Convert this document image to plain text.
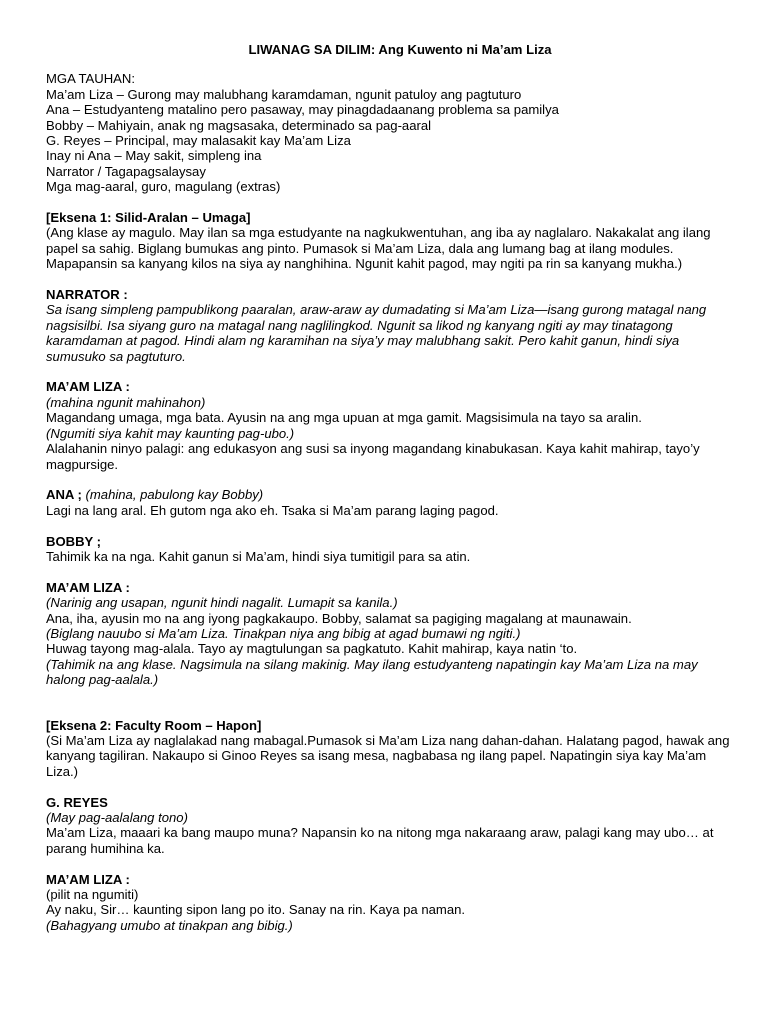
LIWANAG SA DILIM: Ang Kuwento ni Ma’am Liza
MGA TAUHAN:
Ma’am Liza – Gurong may malubhang karamdaman, ngunit patuloy ang pagtuturo
Ana – Estudyanteng matalino pero pasaway, may pinagdadaanang problema sa pamilya
Bobby – Mahiyain, anak ng magsasaka, determinado sa pag-aaral
G. Reyes – Principal, may malasakit kay Ma’am Liza
Inay ni Ana – May sakit, simpleng ina
Narrator / Tagapagsalaysay
Mga mag-aaral, guro, magulang (extras)
[Eksena 1: Silid-Aralan – Umaga]
(Ang klase ay magulo. May ilan sa mga estudyante na nagkukwentuhan, ang iba ay naglalaro. Nakakalat ang ilang papel sa sahig. Biglang bumukas ang pinto. Pumasok si Ma’am Liza, dala ang lumang bag at ilang modules. Mapapansin sa kanyang kilos na siya ay nanghihina. Ngunit kahit pagod, may ngiti pa rin sa kanyang mukha.)
NARRATOR :
Sa isang simpleng pampublikong paaralan, araw-araw ay dumadating si Ma’am Liza—isang gurong matagal nang nagsisilbi. Isa siyang guro na matagal nang naglilingkod. Ngunit sa likod ng kanyang ngiti ay may tinatagong karamdaman at pagod. Hindi alam ng karamihan na siya’y may malubhang sakit. Pero kahit ganun, hindi siya sumusuko sa pagtuturo.
MA’AM LIZA :
(mahina ngunit mahinahon)
Magandang umaga, mga bata. Ayusin na ang mga upuan at mga gamit. Magsisimula na tayo sa aralin.
(Ngumiti siya kahit may kaunting pag-ubo.)
Alalahanin ninyo palagi: ang edukasyon ang susi sa inyong magandang kinabukasan. Kaya kahit mahirap, tayo’y magpursige.
ANA ; (mahina, pabulong kay Bobby)
Lagi na lang aral. Eh gutom nga ako eh. Tsaka si Ma’am parang laging pagod.
BOBBY ;
Tahimik ka na nga. Kahit ganun si Ma’am, hindi siya tumitigil para sa atin.
MA’AM LIZA :
(Narinig ang usapan, ngunit hindi nagalit. Lumapit sa kanila.)
Ana, iha, ayusin mo na ang iyong pagkakaupo. Bobby, salamat sa pagiging magalang at maunawain.
(Biglang nauubo si Ma’am Liza. Tinakpan niya ang bibig at agad bumawi ng ngiti.)
Huwag tayong mag-alala. Tayo ay magtulungan sa pagkatuto. Kahit mahirap, kaya natin ‘to.
(Tahimik na ang klase. Nagsimula na silang makinig. May ilang estudyanteng napatingin kay Ma’am Liza na may halong pag-aalala.)
[Eksena 2: Faculty Room – Hapon]
(Si Ma’am Liza ay naglalakad nang mabagal.Pumasok si Ma’am Liza nang dahan-dahan. Halatang pagod, hawak ang kanyang tagiliran. Nakaupo si Ginoo Reyes sa isang mesa, nagbabasa ng ilang papel. Napatingin siya kay Ma’am Liza.)
G. REYES
(May pag-aalalang tono)
Ma’am Liza, maaari ka bang maupo muna? Napansin ko na nitong mga nakaraang araw, palagi kang may ubo… at parang humihina ka.
MA’AM LIZA :
(pilit na ngumiti)
Ay naku, Sir… kaunting sipon lang po ito. Sanay na rin. Kaya pa naman.
(Bahagyang umubo at tinakpan ang bibig.)
